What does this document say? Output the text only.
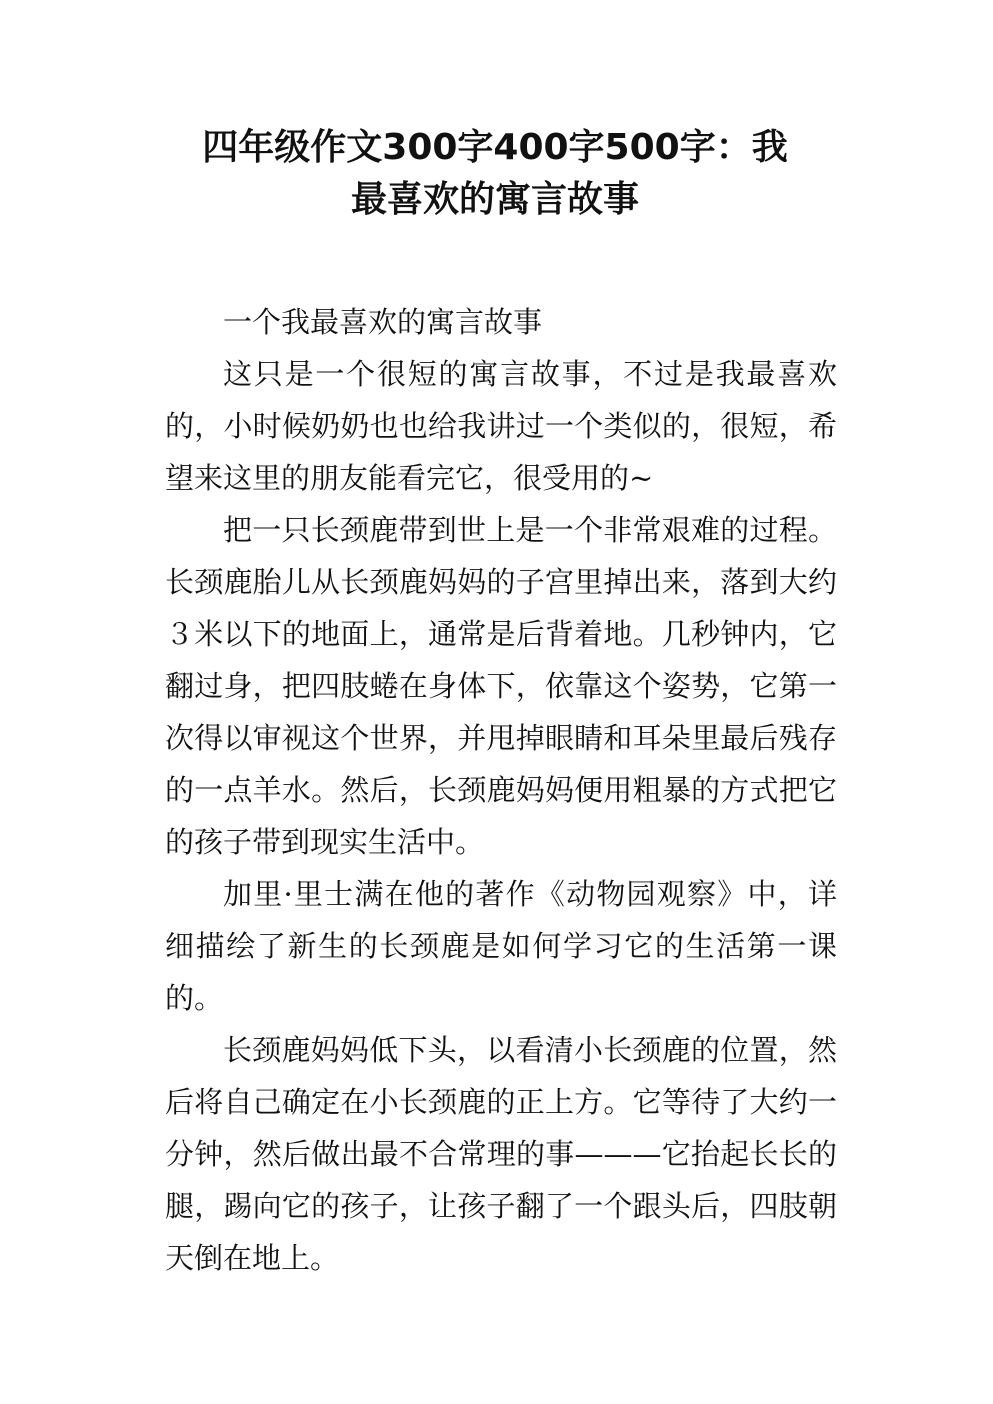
四年级作文300字400字500字：我
最喜欢的寓言故事

一个我最喜欢的寓言故事

这只是一个很短的寓言故事，不过是我最喜欢的，小时候奶奶也也给我讲过一个类似的，很短，希望来这里的朋友能看完它，很受用的~

把一只长颈鹿带到世上是一个非常艰难的过程。长颈鹿胎儿从长颈鹿妈妈的子宫里掉出来，落到大约３米以下的地面上，通常是后背着地。几秒钟内，它翻过身，把四肢蜷在身体下，依靠这个姿势，它第一次得以审视这个世界，并甩掉眼睛和耳朵里最后残存的一点羊水。然后，长颈鹿妈妈便用粗暴的方式把它的孩子带到现实生活中。

加里·里士满在他的著作《动物园观察》中，详细描绘了新生的长颈鹿是如何学习它的生活第一课的。

长颈鹿妈妈低下头，以看清小长颈鹿的位置，然后将自己确定在小长颈鹿的正上方。它等待了大约一分钟，然后做出最不合常理的事———它抬起长长的腿，踢向它的孩子，让孩子翻了一个跟头后，四肢朝天倒在地上。
